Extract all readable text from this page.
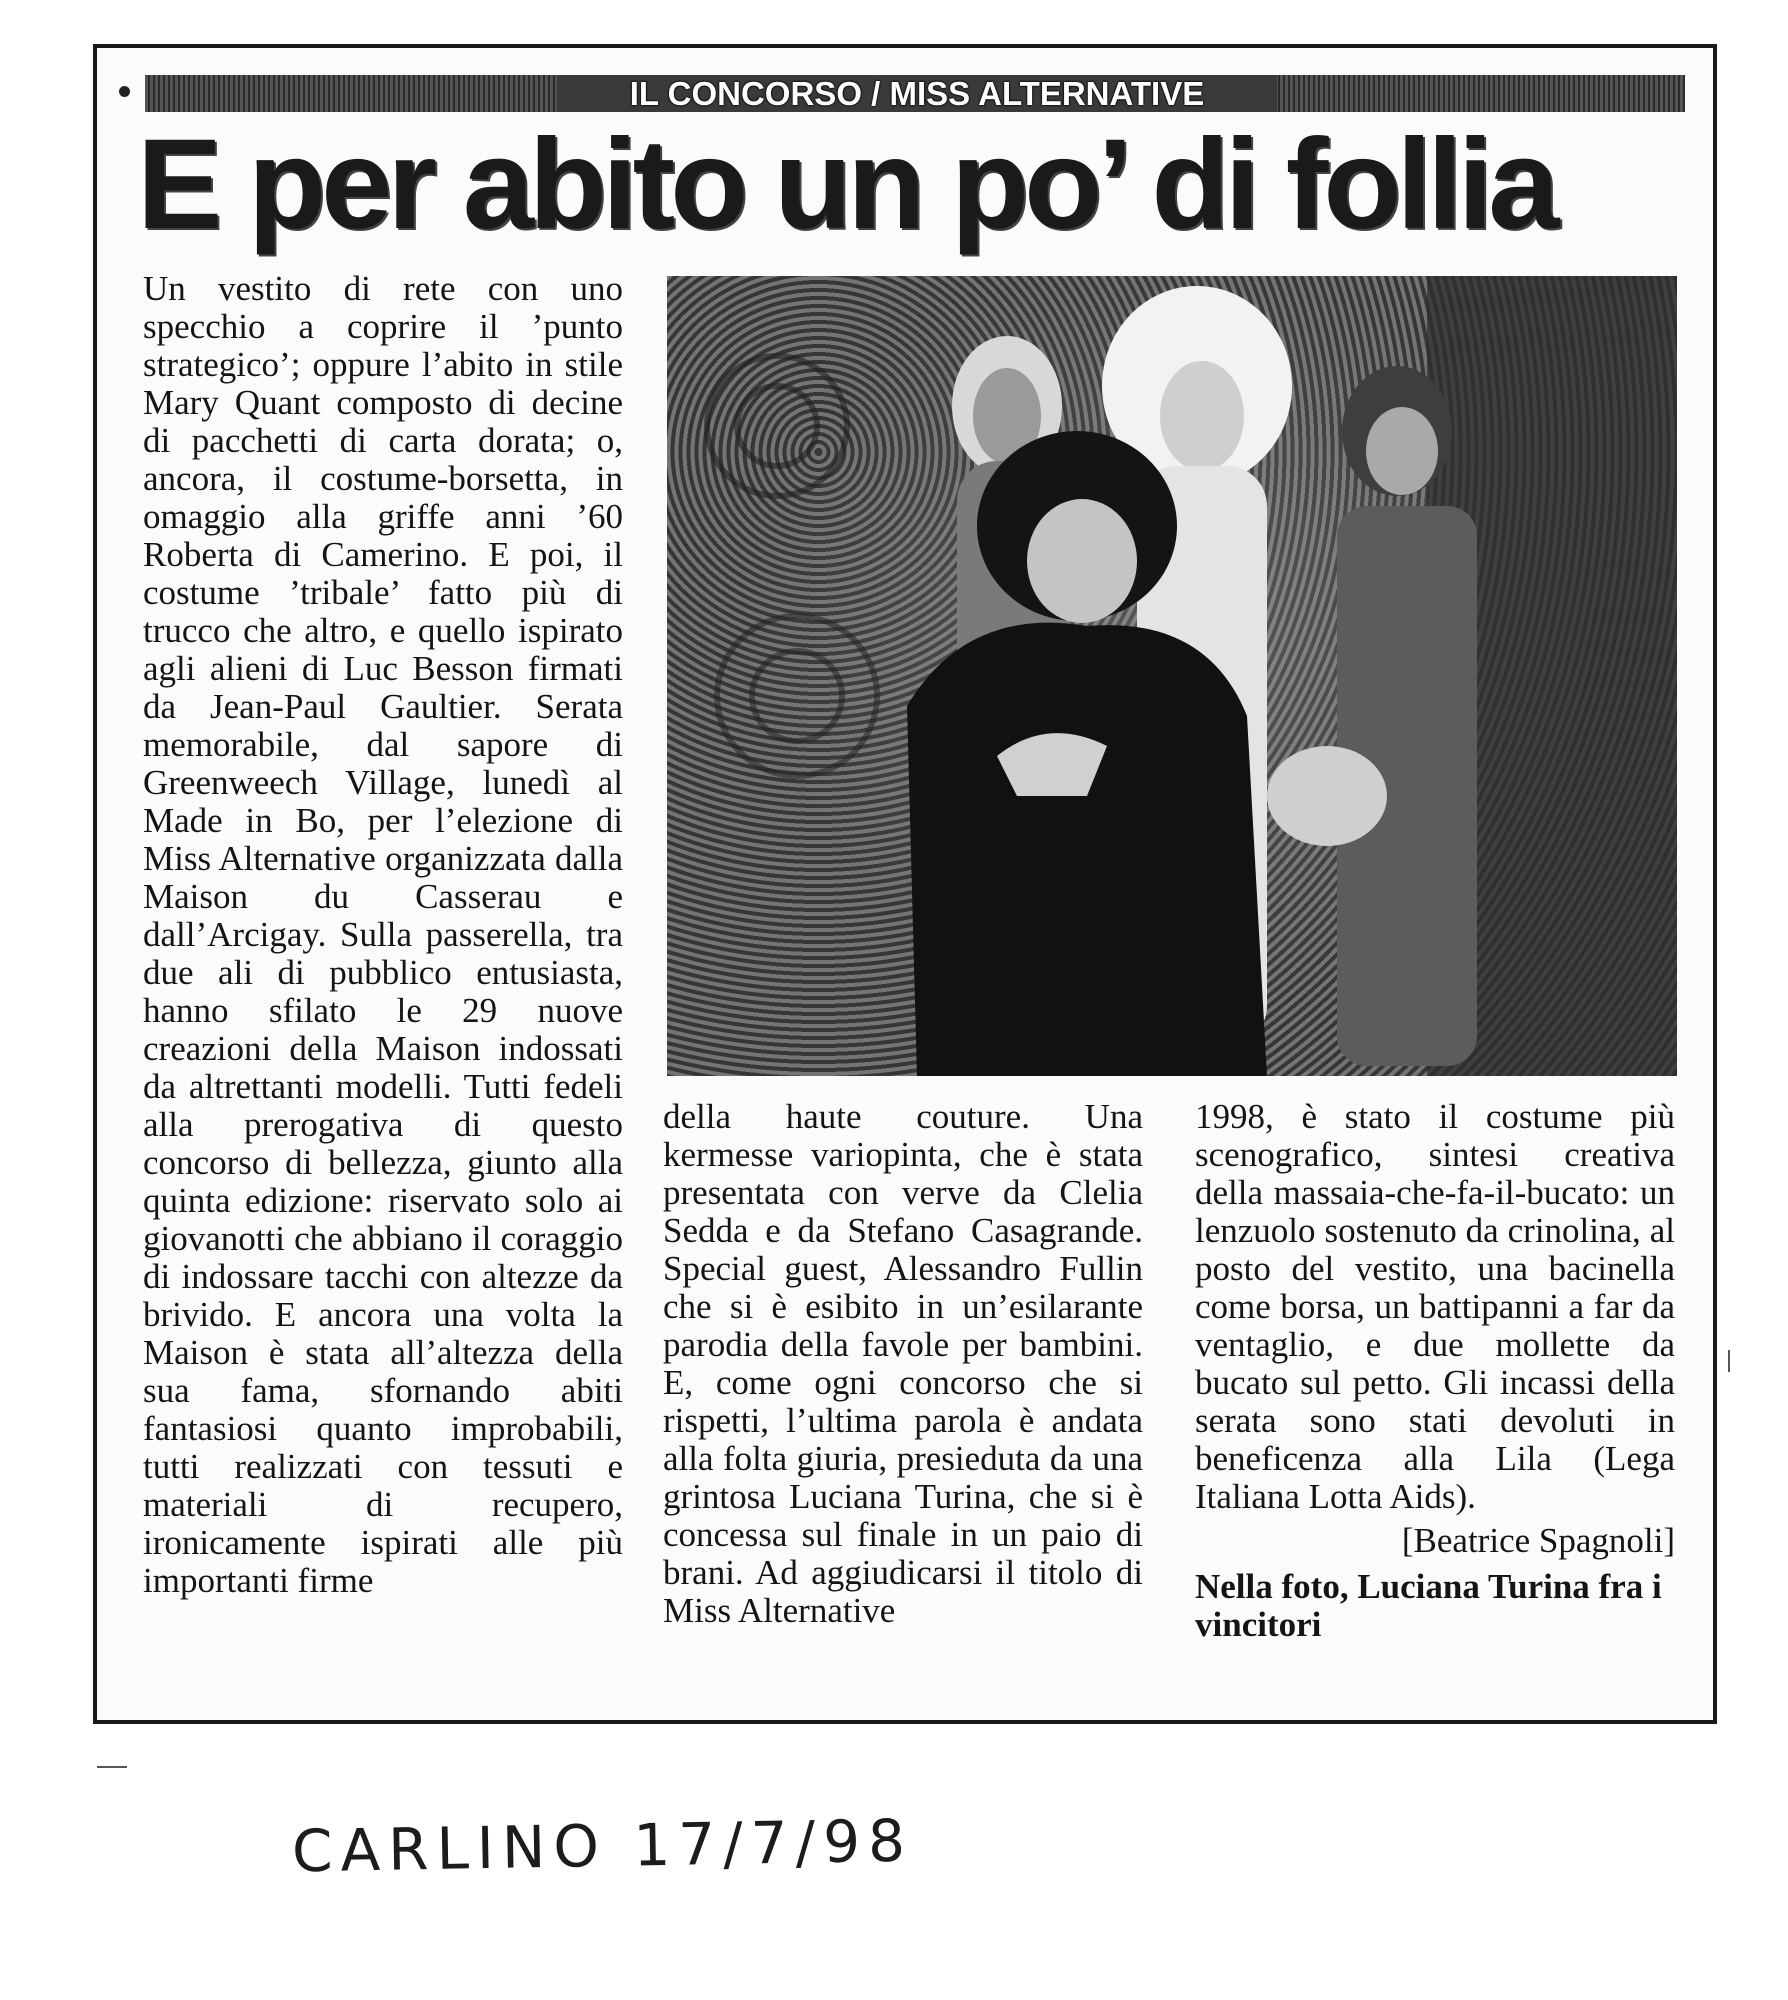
IL CONCORSO / MISS ALTERNATIVE
E per abito un po’ di follia

Un vestito di rete con uno specchio a coprire il ’punto strategico’; oppure l’abito in stile Mary Quant composto di decine di pacchetti di carta dorata; o, ancora, il costume-borsetta, in omaggio alla griffe anni ’60 Roberta di Camerino. E poi, il costume ’tribale’ fatto più di trucco che altro, e quello ispirato agli alieni di Luc Besson firmati da Jean-Paul Gaultier. Serata memorabile, dal sapore di Greenweech Village, lunedì al Made in Bo, per l’elezione di Miss Alternative organizzata dalla Maison du Casserau e dall’Arcigay. Sulla passerella, tra due ali di pubblico entusiasta, hanno sfilato le 29 nuove creazioni della Maison indossati da altrettanti modelli. Tutti fedeli alla prerogativa di questo concorso di bellezza, giunto alla quinta edizione: riservato solo ai giovanotti che abbiano il coraggio di indossare tacchi con altezze da brivido. E ancora una volta la Maison è stata all’altezza della sua fama, sfornando abiti fantasiosi quanto improbabili, tutti realizzati con tessuti e materiali di recupero, ironicamente ispirati alle più importanti firme

della haute couture. Una kermesse variopinta, che è stata presentata con verve da Clelia Sedda e da Stefano Casagrande. Special guest, Alessandro Fullin che si è esibito in un’esilarante parodia della favole per bambini. E, come ogni concorso che si rispetti, l’ultima parola è andata alla folta giuria, presieduta da una grintosa Luciana Turina, che si è concessa sul finale in un paio di brani. Ad aggiudicarsi il titolo di Miss Alternative

1998, è stato il costume più scenografico, sintesi creativa della massaia-che-fa-il-bucato: un lenzuolo sostenuto da crinolina, al posto del vestito, una bacinella come borsa, un battipanni a far da ventaglio, e due mollette da bucato sul petto. Gli incassi della serata sono stati devoluti in beneficenza alla Lila (Lega Italiana Lotta Aids).

[Beatrice Spagnoli]

Nella foto, Luciana Turina fra i vincitori

CARLINO 17/7/98
